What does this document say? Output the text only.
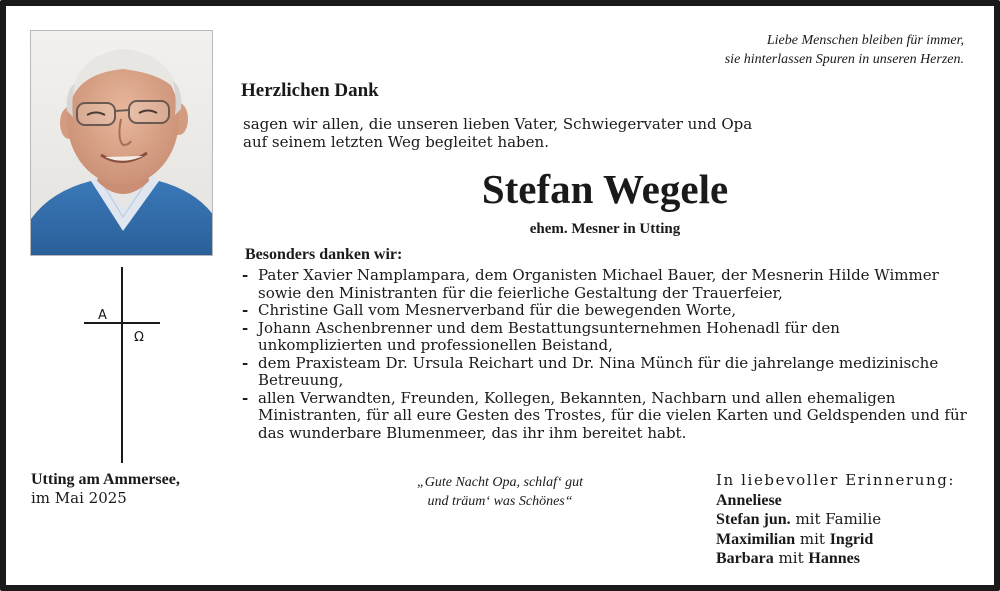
Liebe Menschen bleiben für immer,
sie hinterlassen Spuren in unseren Herzen.
Herzlichen Dank
sagen wir allen, die unseren lieben Vater, Schwiegervater und Opa
auf seinem letzten Weg begleitet haben.
Stefan Wegele
ehem. Mesner in Utting
Besonders danken wir:
- Pater Xavier Namplampara, dem Organisten Michael Bauer, der Mesnerin Hilde Wimmer
sowie den Ministranten für die feierliche Gestaltung der Trauerfeier,
- Christine Gall vom Mesnerverband für die bewegenden Worte,
- Johann Aschenbrenner und dem Bestattungsunternehmen Hohenadl für den
unkomplizierten und professionellen Beistand,
- dem Praxisteam Dr. Ursula Reichart und Dr. Nina Münch für die jahrelange medizinische
Betreuung,
- allen Verwandten, Freunden, Kollegen, Bekannten, Nachbarn und allen ehemaligen
Ministranten, für all eure Gesten des Trostes, für die vielen Karten und Geldspenden und für
das wunderbare Blumenmeer, das ihr ihm bereitet habt.
A
Ω
Utting am Ammersee,
im Mai 2025
„Gute Nacht Opa, schlaf‘ gut
und träum‘ was Schönes“
In liebevoller Erinnerung:
Anneliese
Stefan jun. mit Familie
Maximilian mit Ingrid
Barbara mit Hannes
